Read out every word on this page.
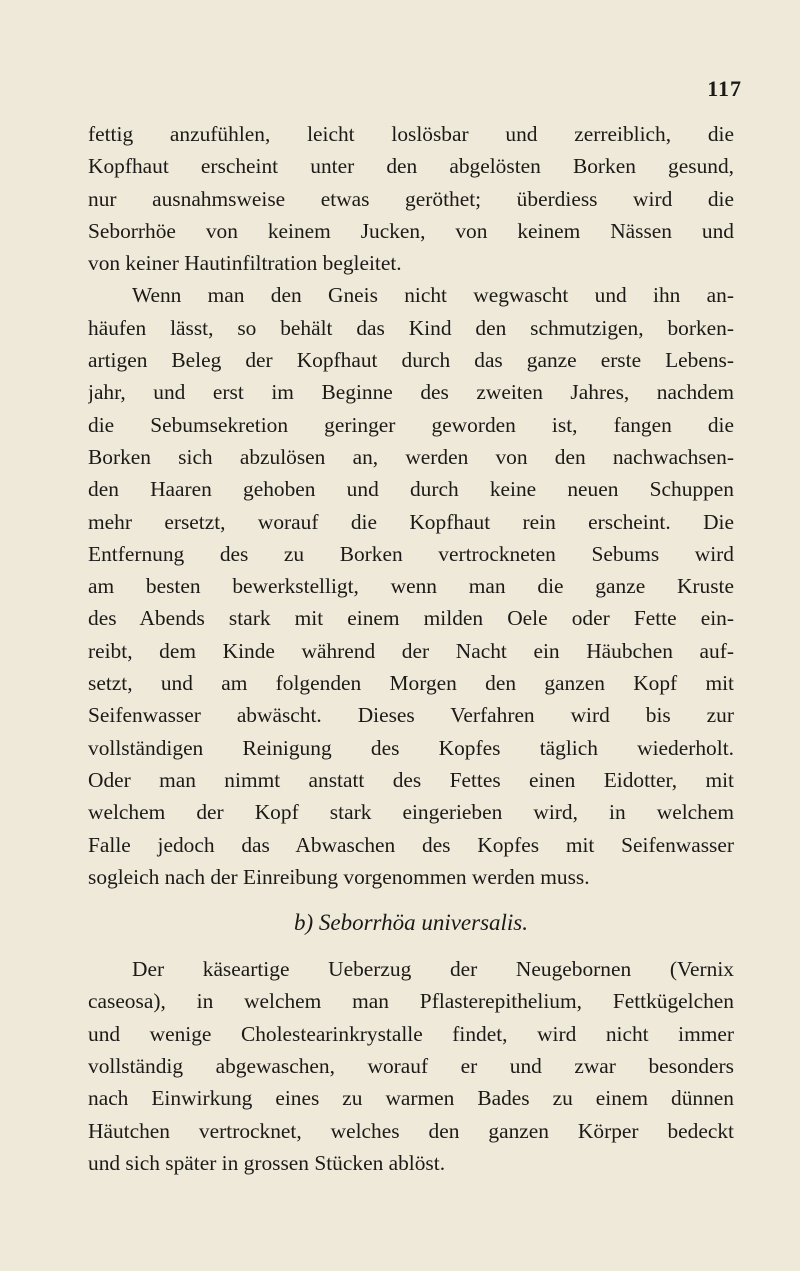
117
fettig anzufühlen, leicht loslösbar und zerreiblich, die
Kopfhaut erscheint unter den abgelösten Borken gesund,
nur ausnahmsweise etwas geröthet; überdiess wird die
Seborrhöe von keinem Jucken, von keinem Nässen und
von keiner Hautinfiltration begleitet.
Wenn man den Gneis nicht wegwascht und ihn an-
häufen lässt, so behält das Kind den schmutzigen, borken-
artigen Beleg der Kopfhaut durch das ganze erste Lebens-
jahr, und erst im Beginne des zweiten Jahres, nachdem
die Sebumsekretion geringer geworden ist, fangen die
Borken sich abzulösen an, werden von den nachwachsen-
den Haaren gehoben und durch keine neuen Schuppen
mehr ersetzt, worauf die Kopfhaut rein erscheint. Die
Entfernung des zu Borken vertrockneten Sebums wird
am besten bewerkstelligt, wenn man die ganze Kruste
des Abends stark mit einem milden Oele oder Fette ein-
reibt, dem Kinde während der Nacht ein Häubchen auf-
setzt, und am folgenden Morgen den ganzen Kopf mit
Seifenwasser abwäscht. Dieses Verfahren wird bis zur
vollständigen Reinigung des Kopfes täglich wiederholt.
Oder man nimmt anstatt des Fettes einen Eidotter, mit
welchem der Kopf stark eingerieben wird, in welchem
Falle jedoch das Abwaschen des Kopfes mit Seifenwasser
sogleich nach der Einreibung vorgenommen werden muss.
b) Seborrhöa universalis.
Der käseartige Ueberzug der Neugebornen (Vernix
caseosa), in welchem man Pflasterepithelium, Fettkügelchen
und wenige Cholestearinkrystalle findet, wird nicht immer
vollständig abgewaschen, worauf er und zwar besonders
nach Einwirkung eines zu warmen Bades zu einem dünnen
Häutchen vertrocknet, welches den ganzen Körper bedeckt
und sich später in grossen Stücken ablöst.
